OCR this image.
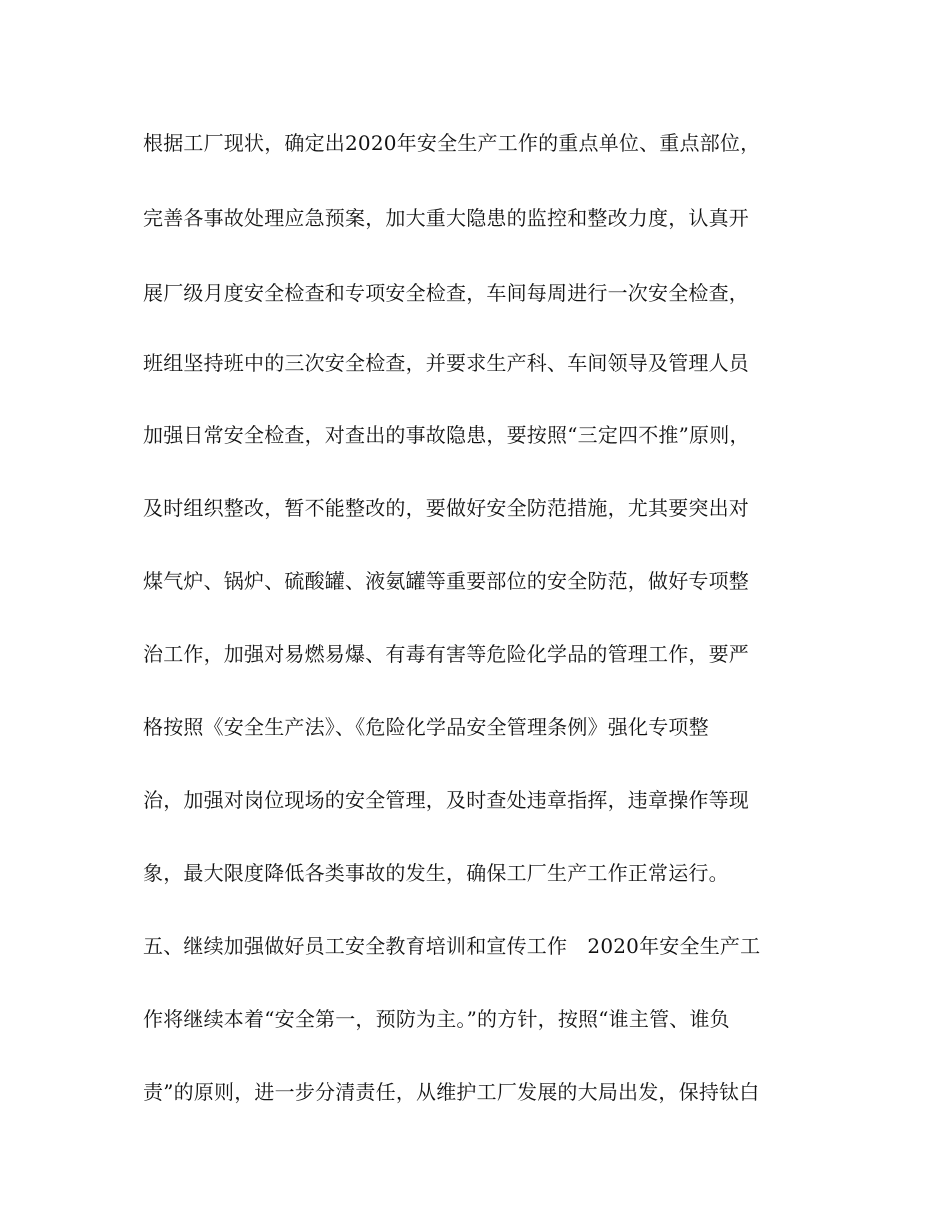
根据工厂现状，确定出2020年安全生产工作的重点单位、重点部位，
完善各事故处理应急预案，加大重大隐患的监控和整改力度，认真开
展厂级月度安全检查和专项安全检查，车间每周进行一次安全检查，
班组坚持班中的三次安全检查，并要求生产科、车间领导及管理人员
加强日常安全检查，对查出的事故隐患，要按照“三定四不推”原则，
及时组织整改，暂不能整改的，要做好安全防范措施，尤其要突出对
煤气炉、锅炉、硫酸罐、液氨罐等重要部位的安全防范，做好专项整
治工作，加强对易燃易爆、有毒有害等危险化学品的管理工作，要严
格按照《安全生产法》、《危险化学品安全管理条例》强化专项整
治，加强对岗位现场的安全管理，及时查处违章指挥，违章操作等现
象，最大限度降低各类事故的发生，确保工厂生产工作正常运行。
五、继续加强做好员工安全教育培训和宣传工作　2020年安全生产工
作将继续本着“安全第一，预防为主。”的方针，按照“谁主管、谁负
责”的原则，进一步分清责任，从维护工厂发展的大局出发，保持钛白
